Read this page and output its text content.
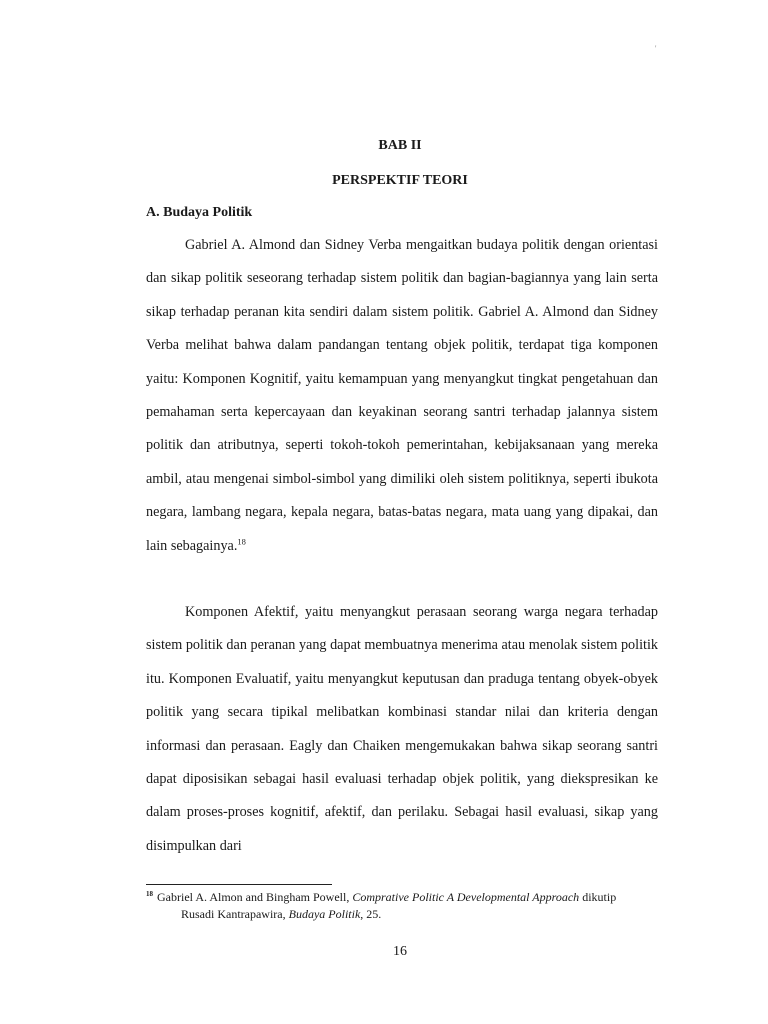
'
BAB II
PERSPEKTIF TEORI
A. Budaya Politik

Gabriel A. Almond dan Sidney Verba mengaitkan budaya politik dengan orientasi dan sikap politik seseorang terhadap sistem politik dan bagian-bagiannya yang lain serta sikap terhadap peranan kita sendiri dalam sistem politik. Gabriel A. Almond dan Sidney Verba melihat bahwa dalam pandangan tentang objek politik, terdapat tiga komponen yaitu: Komponen Kognitif, yaitu kemampuan yang menyangkut tingkat pengetahuan dan pemahaman serta kepercayaan dan keyakinan seorang santri terhadap jalannya sistem politik dan atributnya, seperti tokoh-tokoh pemerintahan, kebijaksanaan yang mereka ambil, atau mengenai simbol-simbol yang dimiliki oleh sistem politiknya, seperti ibukota negara, lambang negara, kepala negara, batas-batas negara, mata uang yang dipakai, dan lain sebagainya.$^{18}$

Komponen Afektif, yaitu menyangkut perasaan seorang warga negara terhadap sistem politik dan peranan yang dapat membuatnya menerima atau menolak sistem politik itu. Komponen Evaluatif, yaitu menyangkut keputusan dan praduga tentang obyek-obyek politik yang secara tipikal melibatkan kombinasi standar nilai dan kriteria dengan informasi dan perasaan. Eagly dan Chaiken mengemukakan bahwa sikap seorang santri dapat diposisikan sebagai hasil evaluasi terhadap objek politik, yang diekspresikan ke dalam proses-proses kognitif, afektif, dan perilaku. Sebagai hasil evaluasi, sikap yang disimpulkan dari

$^{18}$ Gabriel A. Almon and Bingham Powell, Comprative Politic A Developmental Approach dikutip
Rusadi Kantrapawira, Budaya Politik, 25.
16
